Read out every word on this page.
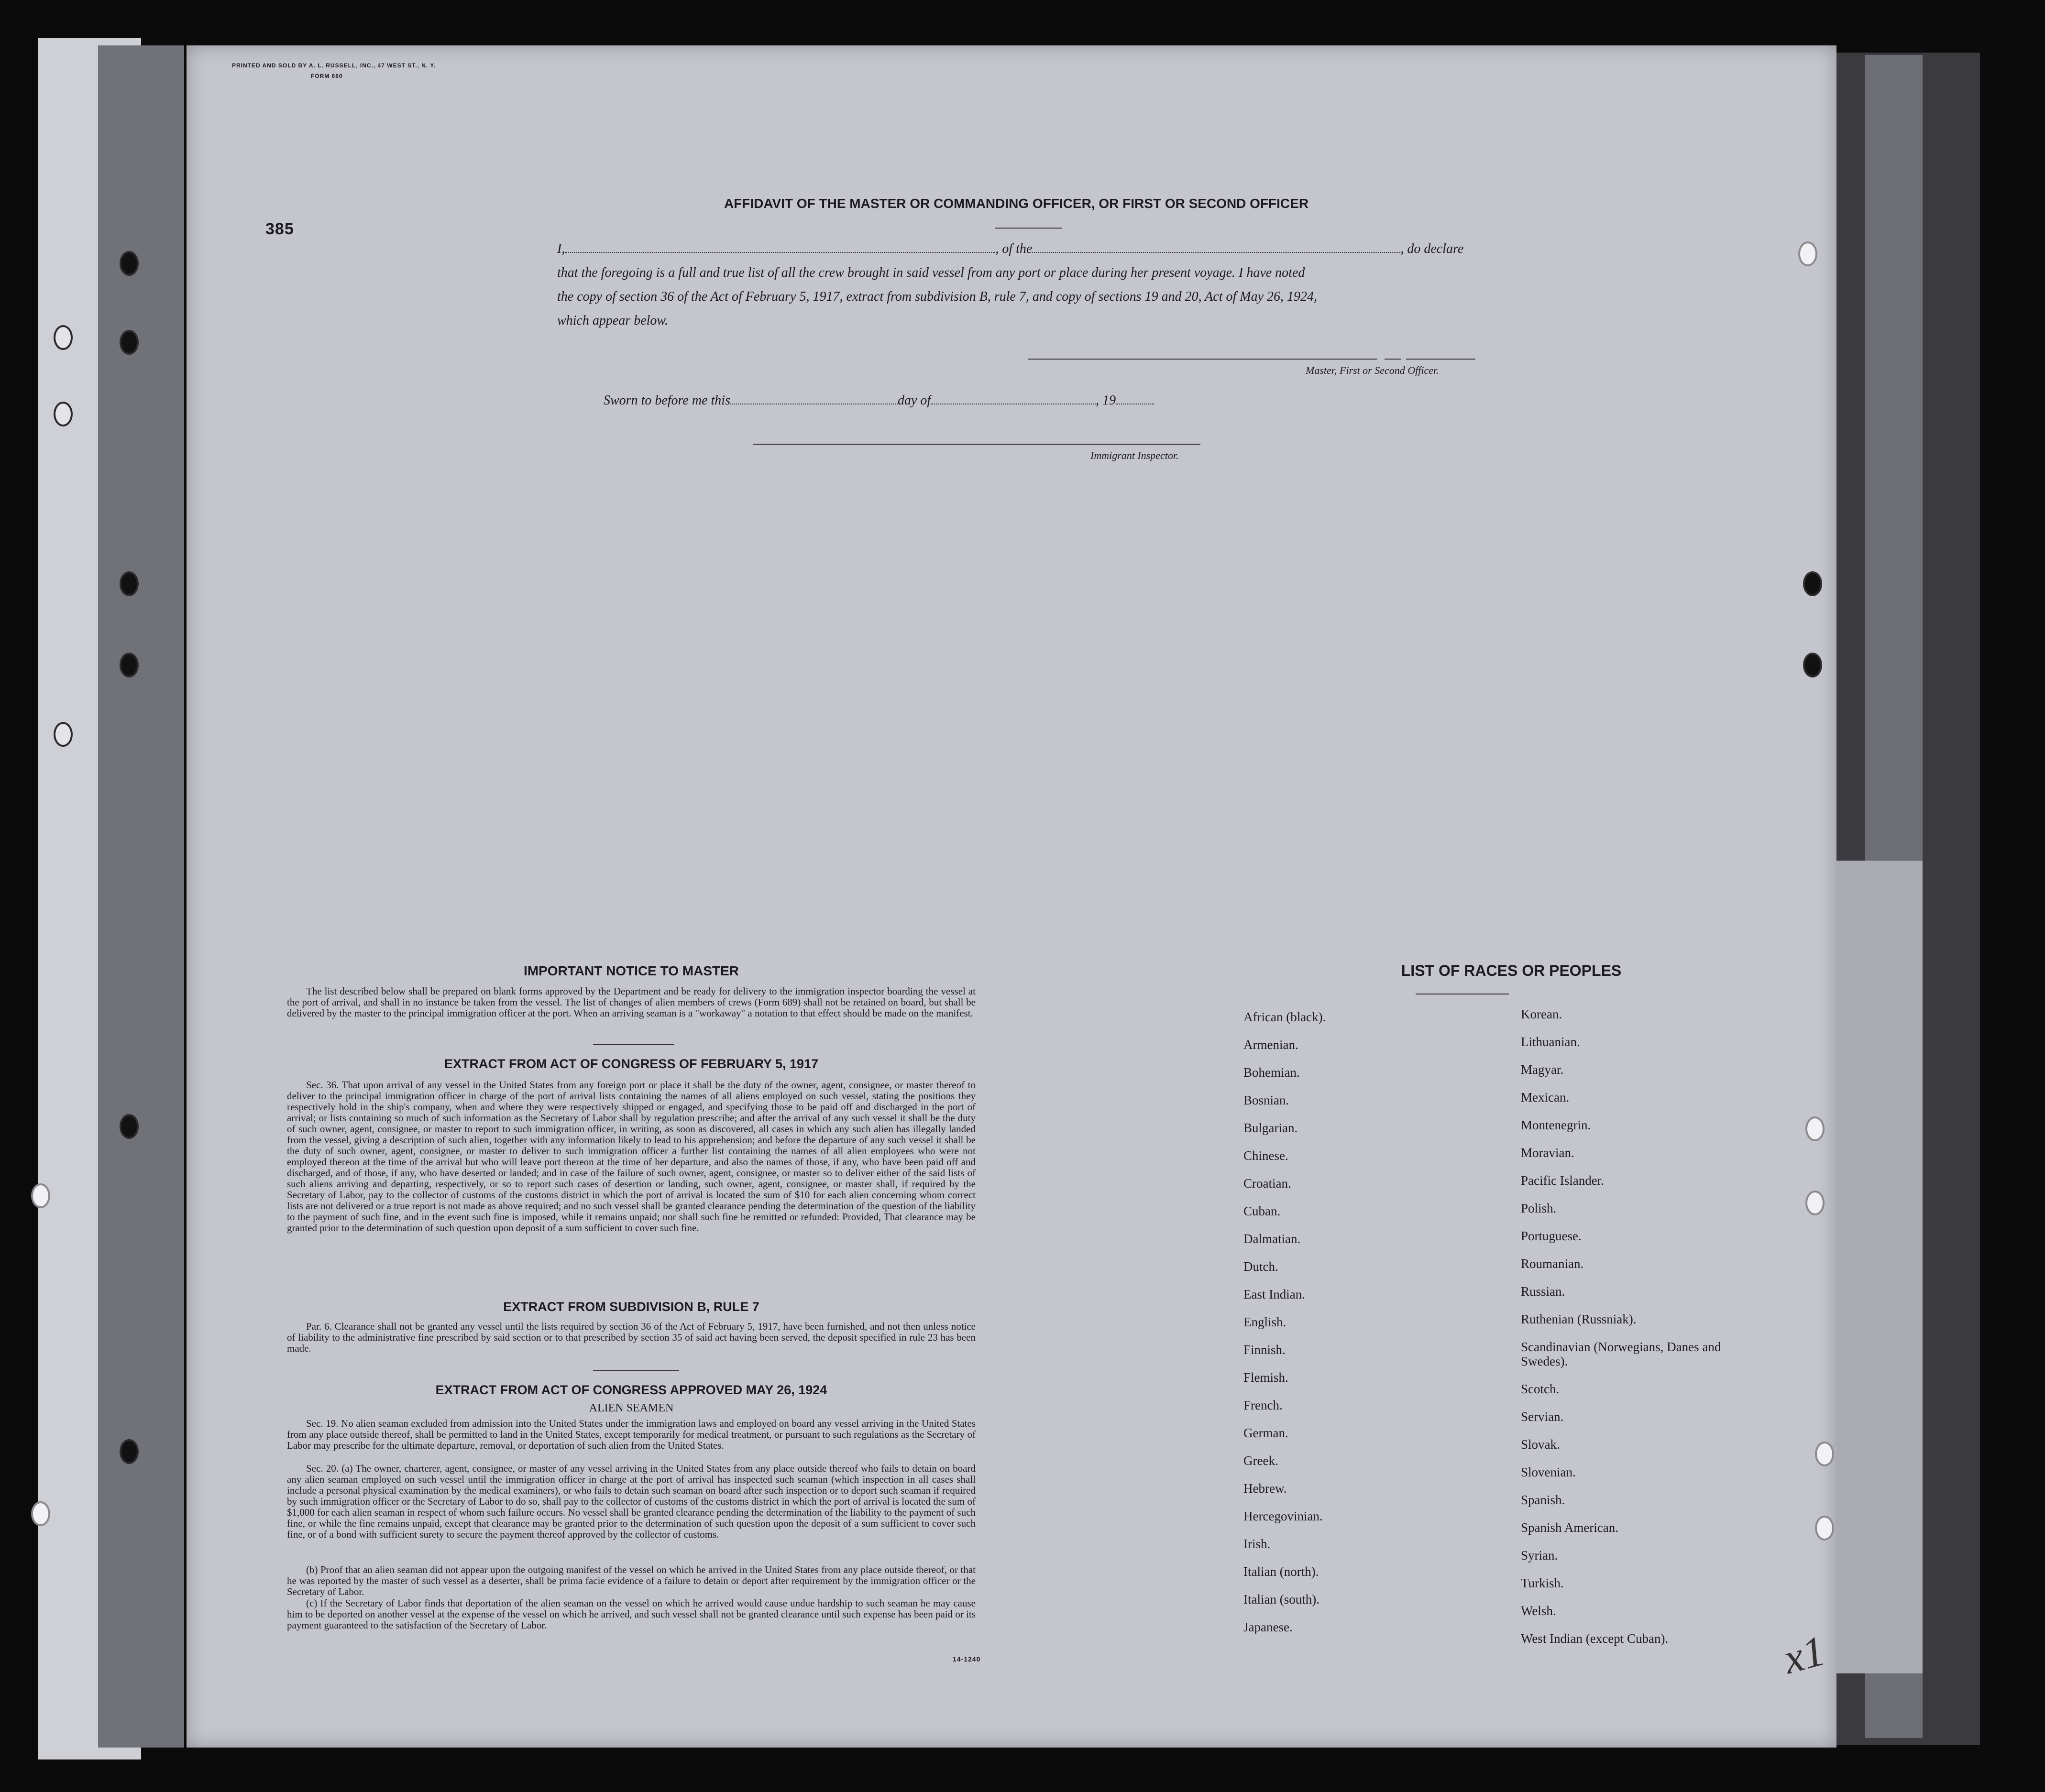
PRINTED AND SOLD BY A. L. RUSSELL, INC., 47 WEST ST., N. Y.
FORM 660
385
AFFIDAVIT OF THE MASTER OR COMMANDING OFFICER, OR FIRST OR SECOND OFFICER
I,	, of the	, do declare
that the foregoing is a full and true list of all the crew brought in said vessel from any port or place during her present voyage. I have noted
the copy of section 36 of the Act of February 5, 1917, extract from subdivision B, rule 7, and copy of sections 19 and 20, Act of May 26, 1924,
which appear below.
Master, First or Second Officer.
Sworn to before me this	day of	, 19
Immigrant Inspector.
IMPORTANT NOTICE TO MASTER
The list described below shall be prepared on blank forms approved by the Department and be ready for delivery to the immigration inspector boarding the vessel at the port of arrival, and shall in no instance be taken from the vessel. The list of changes of alien members of crews (Form 689) shall not be retained on board, but shall be delivered by the master to the principal immigration officer at the port. When an arriving seaman is a "workaway" a notation to that effect should be made on the manifest.
EXTRACT FROM ACT OF CONGRESS OF FEBRUARY 5, 1917
Sec. 36. That upon arrival of any vessel in the United States from any foreign port or place it shall be the duty of the owner, agent, consignee, or master thereof to deliver to the principal immigration officer in charge of the port of arrival lists containing the names of all aliens employed on such vessel, stating the positions they respectively hold in the ship's company, when and where they were respectively shipped or engaged, and specifying those to be paid off and discharged in the port of arrival; or lists containing so much of such information as the Secretary of Labor shall by regulation prescribe; and after the arrival of any such vessel it shall be the duty of such owner, agent, consignee, or master to report to such immigration officer, in writing, as soon as discovered, all cases in which any such alien has illegally landed from the vessel, giving a description of such alien, together with any information likely to lead to his apprehension; and before the departure of any such vessel it shall be the duty of such owner, agent, consignee, or master to deliver to such immigration officer a further list containing the names of all alien employees who were not employed thereon at the time of the arrival but who will leave port thereon at the time of her departure, and also the names of those, if any, who have been paid off and discharged, and of those, if any, who have deserted or landed; and in case of the failure of such owner, agent, consignee, or master so to deliver either of the said lists of such aliens arriving and departing, respectively, or so to report such cases of desertion or landing, such owner, agent, consignee, or master shall, if required by the Secretary of Labor, pay to the collector of customs of the customs district in which the port of arrival is located the sum of $10 for each alien concerning whom correct lists are not delivered or a true report is not made as above required; and no such vessel shall be granted clearance pending the determination of the question of the liability to the payment of such fine, and in the event such fine is imposed, while it remains unpaid; nor shall such fine be remitted or refunded: Provided, That clearance may be granted prior to the determination of such question upon deposit of a sum sufficient to cover such fine.
EXTRACT FROM SUBDIVISION B, RULE 7
Par. 6. Clearance shall not be granted any vessel until the lists required by section 36 of the Act of February 5, 1917, have been furnished, and not then unless notice of liability to the administrative fine prescribed by said section or to that prescribed by section 35 of said act having been served, the deposit specified in rule 23 has been made.
EXTRACT FROM ACT OF CONGRESS APPROVED MAY 26, 1924
ALIEN SEAMEN
Sec. 19. No alien seaman excluded from admission into the United States under the immigration laws and employed on board any vessel arriving in the United States from any place outside thereof, shall be permitted to land in the United States, except temporarily for medical treatment, or pursuant to such regulations as the Secretary of Labor may prescribe for the ultimate departure, removal, or deportation of such alien from the United States.
Sec. 20. (a) The owner, charterer, agent, consignee, or master of any vessel arriving in the United States from any place outside thereof who fails to detain on board any alien seaman employed on such vessel until the immigration officer in charge at the port of arrival has inspected such seaman (which inspection in all cases shall include a personal physical examination by the medical examiners), or who fails to detain such seaman on board after such inspection or to deport such seaman if required by such immigration officer or the Secretary of Labor to do so, shall pay to the collector of customs of the customs district in which the port of arrival is located the sum of $1,000 for each alien seaman in respect of whom such failure occurs. No vessel shall be granted clearance pending the determination of the liability to the payment of such fine, or while the fine remains unpaid, except that clearance may be granted prior to the determination of such question upon the deposit of a sum sufficient to cover such fine, or of a bond with sufficient surety to secure the payment thereof approved by the collector of customs.
(b) Proof that an alien seaman did not appear upon the outgoing manifest of the vessel on which he arrived in the United States from any place outside thereof, or that he was reported by the master of such vessel as a deserter, shall be prima facie evidence of a failure to detain or deport after requirement by the immigration officer or the Secretary of Labor.
(c) If the Secretary of Labor finds that deportation of the alien seaman on the vessel on which he arrived would cause undue hardship to such seaman he may cause him to be deported on another vessel at the expense of the vessel on which he arrived, and such vessel shall not be granted clearance until such expense has been paid or its payment guaranteed to the satisfaction of the Secretary of Labor.
14-1240
LIST OF RACES OR PEOPLES
x1
African (black).
Armenian.
Bohemian.
Bosnian.
Bulgarian.
Chinese.
Croatian.
Cuban.
Dalmatian.
Dutch.
East Indian.
English.
Finnish.
Flemish.
French.
German.
Greek.
Hebrew.
Hercegovinian.
Irish.
Italian (north).
Italian (south).
Japanese.
Korean.
Lithuanian.
Magyar.
Mexican.
Montenegrin.
Moravian.
Pacific Islander.
Polish.
Portuguese.
Roumanian.
Russian.
Ruthenian (Russniak).
Scandinavian (Norwegians, Danes and Swedes).
Scotch.
Servian.
Slovak.
Slovenian.
Spanish.
Spanish American.
Syrian.
Turkish.
Welsh.
West Indian (except Cuban).
